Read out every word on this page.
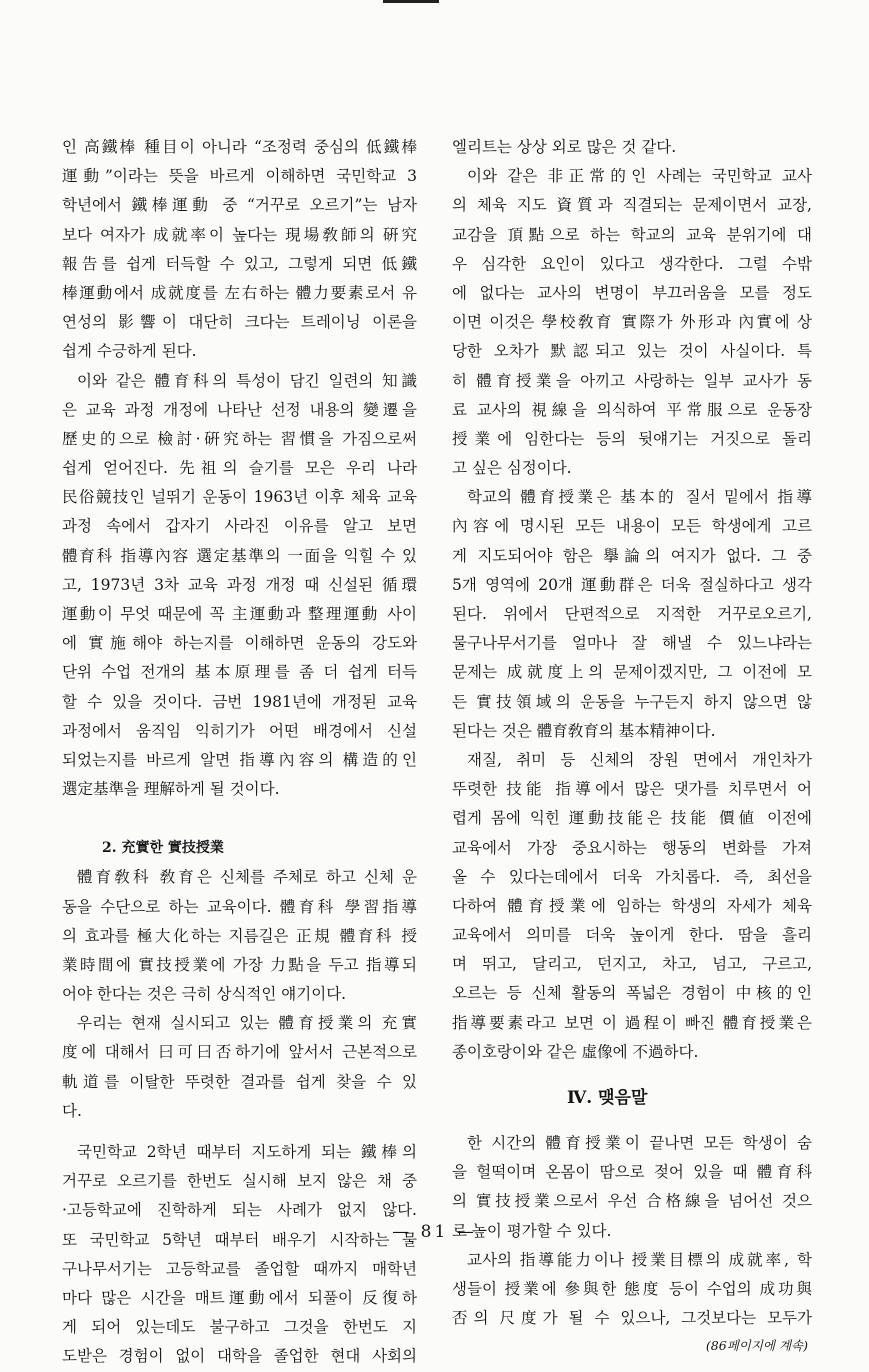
인 高鐵棒 種目이 아니라 “조정력 중심의 低鐵棒
運動”이라는 뜻을 바르게 이해하면 국민학교 3
학년에서 鐵棒運動 중 “거꾸로 오르기”는 남자
보다 여자가 成就率이 높다는 現場敎師의 硏究
報告를 쉽게 터득할 수 있고, 그렇게 되면 低鐵
棒運動에서 成就度를 左右하는 體力要素로서 유
연성의 影響이 대단히 크다는 트레이닝 이론을
쉽게 수긍하게 된다.
이와 같은 體育科의 특성이 담긴 일련의 知識
은 교육 과정 개정에 나타난 선정 내용의 變遷을
歷史的으로 檢討·硏究하는 習慣을 가짐으로써
쉽게 얻어진다. 先祖의 슬기를 모은 우리 나라
民俗競技인 널뛰기 운동이 1963년 이후 체육 교육
과정 속에서 갑자기 사라진 이유를 알고 보면
體育科 指導內容 選定基準의 一面을 익힐 수 있
고, 1973년 3차 교육 과정 개정 때 신설된 循環
運動이 무엇 때문에 꼭 主運動과 整理運動 사이
에 實施해야 하는지를 이해하면 운동의 강도와
단위 수업 전개의 基本原理를 좀 더 쉽게 터득
할 수 있을 것이다. 금번 1981년에 개정된 교육
과정에서 움직임 익히기가 어떤 배경에서 신설
되었는지를 바르게 알면 指導內容의 構造的인
選定基準을 理解하게 될 것이다.
2. 充實한 實技授業
體育敎科 敎育은 신체를 주체로 하고 신체 운
동을 수단으로 하는 교육이다. 體育科 學習指導
의 효과를 極大化하는 지름길은 正規 體育科 授
業時間에 實技授業에 가장 力點을 두고 指導되
어야 한다는 것은 극히 상식적인 얘기이다.
우리는 현재 실시되고 있는 體育授業의 充實
度에 대해서 曰可曰否하기에 앞서서 근본적으로
軌道를 이탈한 뚜렷한 결과를 쉽게 찾을 수 있
다.
국민학교 2학년 때부터 지도하게 되는 鐵棒의
거꾸로 오르기를 한번도 실시해 보지 않은 채 중
·고등학교에 진학하게 되는 사례가 없지 않다.
또 국민학교 5학년 때부터 배우기 시작하는 물
구나무서기는 고등학교를 졸업할 때까지 매학년
마다 많은 시간을 매트運動에서 되풀이 反復하
게 되어 있는데도 불구하고 그것을 한번도 지
도받은 경험이 없이 대학을 졸업한 현대 사회의
엘리트는 상상 외로 많은 것 같다.
이와 같은 非正常的인 사례는 국민학교 교사
의 체육 지도 資質과 직결되는 문제이면서 교장,
교감을 頂點으로 하는 학교의 교육 분위기에 대
우 심각한 요인이 있다고 생각한다. 그럴 수밖
에 없다는 교사의 변명이 부끄러움을 모를 정도
이면 이것은 學校敎育 實際가 外形과 內實에 상
당한 오차가 默認되고 있는 것이 사실이다. 특
히 體育授業을 아끼고 사랑하는 일부 교사가 동
료 교사의 視線을 의식하여 平常服으로 운동장
授業에 임한다는 등의 뒷얘기는 거짓으로 돌리
고 싶은 심정이다.
학교의 體育授業은 基本的 질서 밑에서 指導
內容에 명시된 모든 내용이 모든 학생에게 고르
게 지도되어야 함은 擧論의 여지가 없다. 그 중
5개 영역에 20개 運動群은 더욱 절실하다고 생각
된다. 위에서 단편적으로 지적한 거꾸로오르기,
물구나무서기를 얼마나 잘 해낼 수 있느냐라는
문제는 成就度上의 문제이겠지만, 그 이전에 모
든 實技領域의 운동을 누구든지 하지 않으면 않
된다는 것은 體育敎育의 基本精神이다.
재질, 취미 등 신체의 장원 면에서 개인차가
뚜렷한 技能 指導에서 많은 댓가를 치루면서 어
렵게 몸에 익힌 運動技能은 技能 價値 이전에
교육에서 가장 중요시하는 행동의 변화를 가져
올 수 있다는데에서 더욱 가치롭다. 즉, 최선을
다하여 體育授業에 임하는 학생의 자세가 체육
교육에서 의미를 더욱 높이게 한다. 땀을 흘리
며 뛰고, 달리고, 던지고, 차고, 넘고, 구르고,
오르는 등 신체 활동의 폭넓은 경험이 中核的인
指導要素라고 보면 이 過程이 빠진 體育授業은
종이호랑이와 같은 虛像에 不過하다.
Ⅳ. 맺음말
한 시간의 體育授業이 끝나면 모든 학생이 숨
을 헐떡이며 온몸이 땀으로 젖어 있을 때 體育科
의 實技授業으로서 우선 合格線을 넘어선 것으
로 높이 평가할 수 있다.
교사의 指導能力이나 授業目標의 成就率, 학
생들이 授業에 參與한 態度 등이 수업의 成功與
否의 尺度가 될 수 있으나, 그것보다는 모두가
(86페이지에 계속)
— 81 —
